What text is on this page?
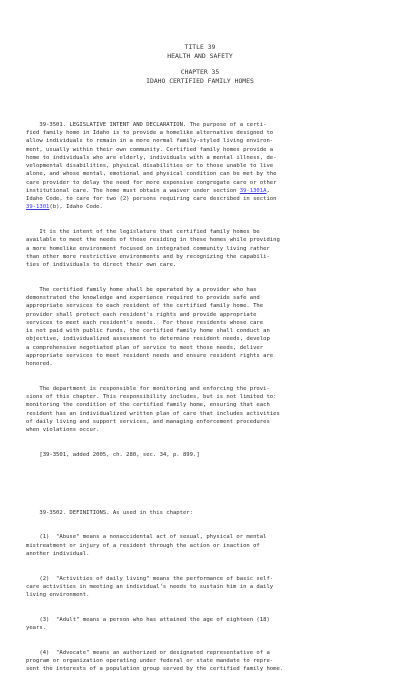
TITLE 39
HEALTH AND SAFETY
CHAPTER 35
IDAHO CERTIFIED FAMILY HOMES

39-3501. LEGISLATIVE INTENT AND DECLARATION. The purpose of a certi-
fied family home in Idaho is to provide a homelike alternative designed to
allow individuals to remain in a more normal family-styled living environ-
ment, usually within their own community. Certified family homes provide a
home to individuals who are elderly, individuals with a mental illness, de-
velopmental disabilities, physical disabilities or to those unable to live
alone, and whose mental, emotional and physical condition can be met by the
care provider to delay the need for more expensive congregate care or other
institutional care. The home must obtain a waiver under section 39-1301A,
Idaho Code, to care for two (2) persons requiring care described in section
39-1301(b), Idaho Code.

It is the intent of the legislature that certified family homes be
available to meet the needs of those residing in these homes while providing
a more homelike environment focused on integrated community living rather
than other more restrictive environments and by recognizing the capabili-
ties of individuals to direct their own care.

The certified family home shall be operated by a provider who has
demonstrated the knowledge and experience required to provide safe and
appropriate services to each resident of the certified family home. The
provider shall protect each resident's rights and provide appropriate
services to meet each resident's needs.  For those residents whose care
is not paid with public funds, the certified family home shall conduct an
objective, individualized assessment to determine resident needs, develop
a comprehensive negotiated plan of service to meet those needs, deliver
appropriate services to meet resident needs and ensure resident rights are
honored.

The department is responsible for monitoring and enforcing the provi-
sions of this chapter. This responsibility includes, but is not limited to:
monitoring the condition of the certified family home, ensuring that each
resident has an individualized written plan of care that includes activities
of daily living and support services, and managing enforcement procedures
when violations occur.

[39-3501, added 2005, ch. 280, sec. 34, p. 899.]

39-3502. DEFINITIONS. As used in this chapter:

(1)  "Abuse" means a nonaccidental act of sexual, physical or mental
mistreatment or injury of a resident through the action or inaction of
another individual.

(2)  "Activities of daily living" means the performance of basic self-
care activities in meeting an individual's needs to sustain him in a daily
living environment.

(3)  "Adult" means a person who has attained the age of eighteen (18)
years.

(4)  "Advocate" means an authorized or designated representative of a
program or organization operating under federal or state mandate to repre-
sent the interests of a population group served by the certified family home.
